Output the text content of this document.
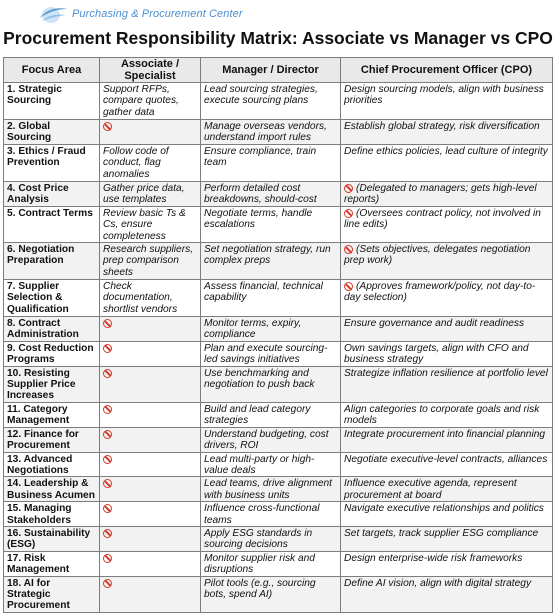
Purchasing & Procurement Center
Procurement Responsibility Matrix: Associate vs Manager vs CPO
Focus Area	Associate / Specialist	Manager / Director	Chief Procurement Officer (CPO)
1. Strategic Sourcing	Support RFPs, compare quotes, gather data	Lead sourcing strategies, execute sourcing plans	Design sourcing models, align with business priorities
2. Global Sourcing		Manage overseas vendors, understand import rules	Establish global strategy, risk diversification
3. Ethics / Fraud Prevention	Follow code of conduct, flag anomalies	Ensure compliance, train team	Define ethics policies, lead culture of integrity
4. Cost Price Analysis	Gather price data, use templates	Perform detailed cost breakdowns, should-cost	(Delegated to managers; gets high-level reports)
5. Contract Terms	Review basic Ts & Cs, ensure completeness	Negotiate terms, handle escalations	(Oversees contract policy, not involved in line edits)
6. Negotiation Preparation	Research suppliers, prep comparison sheets	Set negotiation strategy, run complex preps	(Sets objectives, delegates negotiation prep work)
7. Supplier Selection & Qualification	Check documentation, shortlist vendors	Assess financial, technical capability	(Approves framework/policy, not day-to-day selection)
8. Contract Administration		Monitor terms, expiry, compliance	Ensure governance and audit readiness
9. Cost Reduction Programs		Plan and execute sourcing-led savings initiatives	Own savings targets, align with CFO and business strategy
10. Resisting Supplier Price Increases		Use benchmarking and negotiation to push back	Strategize inflation resilience at portfolio level
11. Category Management		Build and lead category strategies	Align categories to corporate goals and risk models
12. Finance for Procurement		Understand budgeting, cost drivers, ROI	Integrate procurement into financial planning
13. Advanced Negotiations		Lead multi-party or high-value deals	Negotiate executive-level contracts, alliances
14. Leadership & Business Acumen		Lead teams, drive alignment with business units	Influence executive agenda, represent procurement at board
15. Managing Stakeholders		Influence cross-functional teams	Navigate executive relationships and politics
16. Sustainability (ESG)		Apply ESG standards in sourcing decisions	Set targets, track supplier ESG compliance
17. Risk Management		Monitor supplier risk and disruptions	Design enterprise-wide risk frameworks
18. AI for Strategic Procurement		Pilot tools (e.g., sourcing bots, spend AI)	Define AI vision, align with digital strategy
